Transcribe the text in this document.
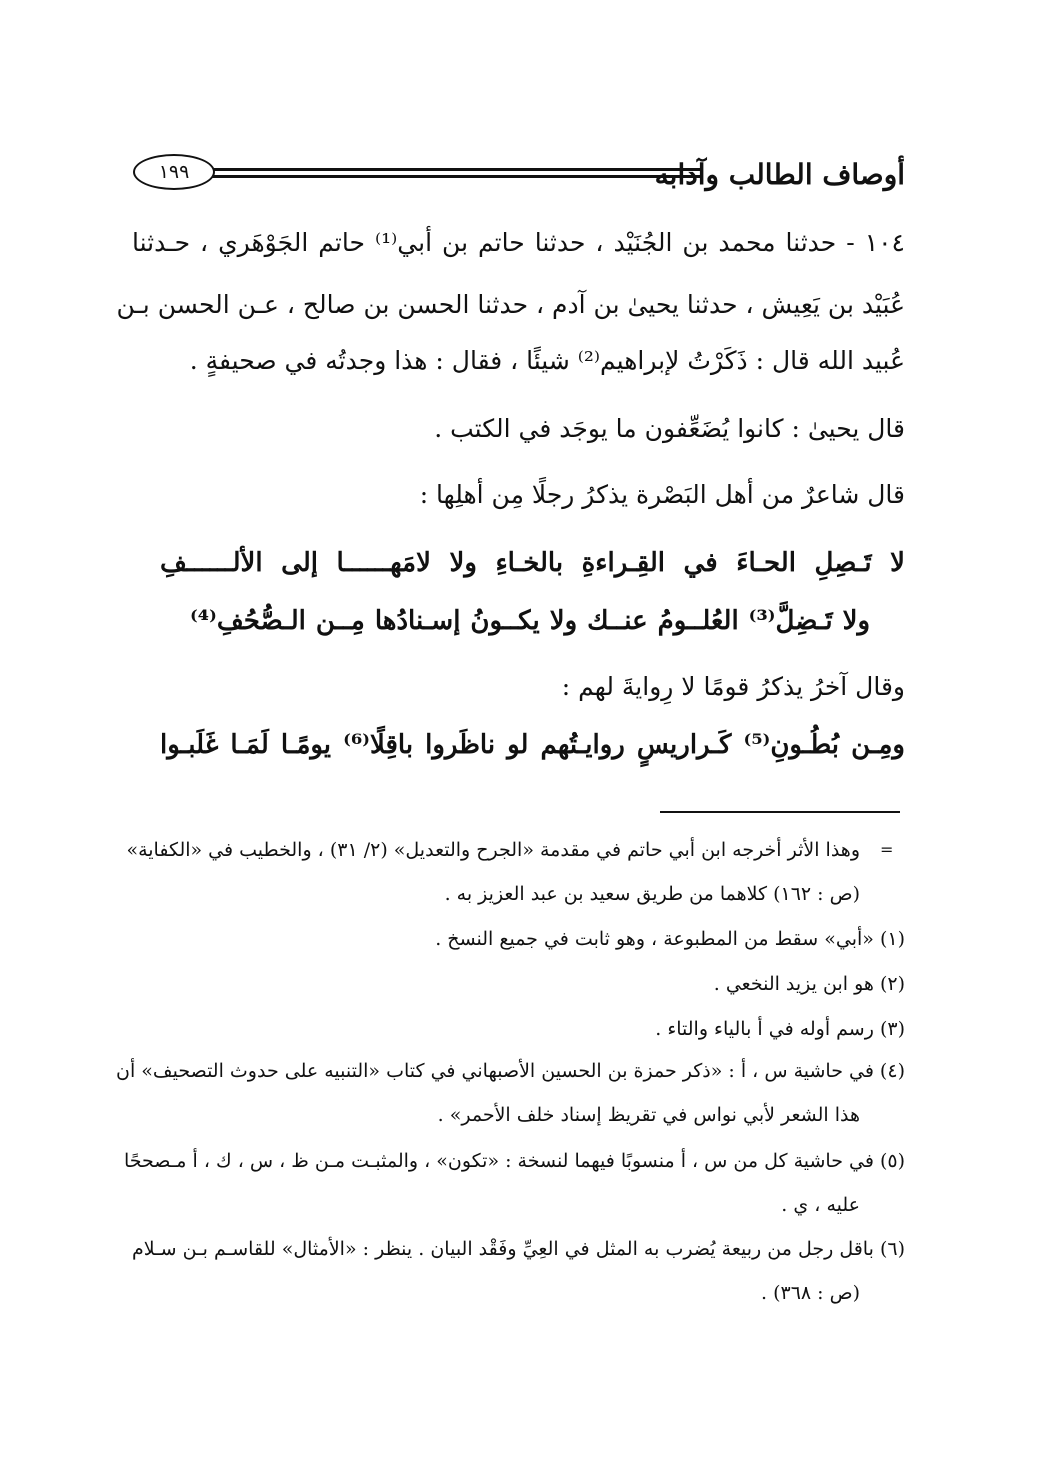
أوصاف الطالب وآدابه
١٩٩
١٠٤ - حدثنا محمد بن الجُنَيْد ، حدثنا حاتم بن أبي⁽¹⁾ حاتم الجَوْهَري ، حـدثنا
عُبَيْد بن يَعِيش ، حدثنا يحيىٰ بن آدم ، حدثنا الحسن بن صالح ، عـن الحسن بـن
عُبيد الله قال : ذَكَرْتُ لإبراهيم⁽²⁾ شيئًا ، فقال : هذا وجدتُه في صحيفةٍ .
قال يحيىٰ : كانوا يُضَعِّفون ما يوجَد في الكتب .
قال شاعرٌ من أهل البَصْرة يذكرُ رجلًا مِن أهلِها :
لا تَـصِلِ الحـاءَ في القِـراءةِ بالخـاءِ ولا لامَهــــــا إلى الألــــــفِ
ولا تَـضِلَّ⁽³⁾ العُلــومُ عنــك ولا يكــونُ إسـنادُها مِــن الـصُّحُفِ⁽⁴⁾
وقال آخرُ يذكرُ قومًا لا رِوايةَ لهم :
ومِـن بُطُـونِ⁽⁵⁾ كَـراريسٍ روايـتُهم لو ناظَروا باقِلًا⁽⁶⁾ يومًـا لَمَـا غَلَبـوا
=
وهذا الأثر أخرجه ابن أبي حاتم في مقدمة «الجرح والتعديل» (٢/ ٣١) ، والخطيب في «الكفاية»
(ص : ١٦٢) كلاهما من طريق سعيد بن عبد العزيز به .
(١) «أبي» سقط من المطبوعة ، وهو ثابت في جميع النسخ .
(٢) هو ابن يزيد النخعي .
(٣) رسم أوله في أ بالياء والتاء .
(٤) في حاشية س ، أ : «ذكر حمزة بن الحسين الأصبهاني في كتاب «التنبيه على حدوث التصحيف» أن
هذا الشعر لأبي نواس في تقريظ إسناد خلف الأحمر» .
(٥) في حاشية كل من س ، أ منسوبًا فيهما لنسخة : «تكون» ، والمثبـت مـن ظ ، س ، ك ، أ مـصححًا
عليه ، ي .
(٦) باقل رجل من ربيعة يُضرب به المثل في العِيِّ وفَقْد البيان . ينظر : «الأمثال» للقاسـم بـن سـلام
(ص : ٣٦٨) .
